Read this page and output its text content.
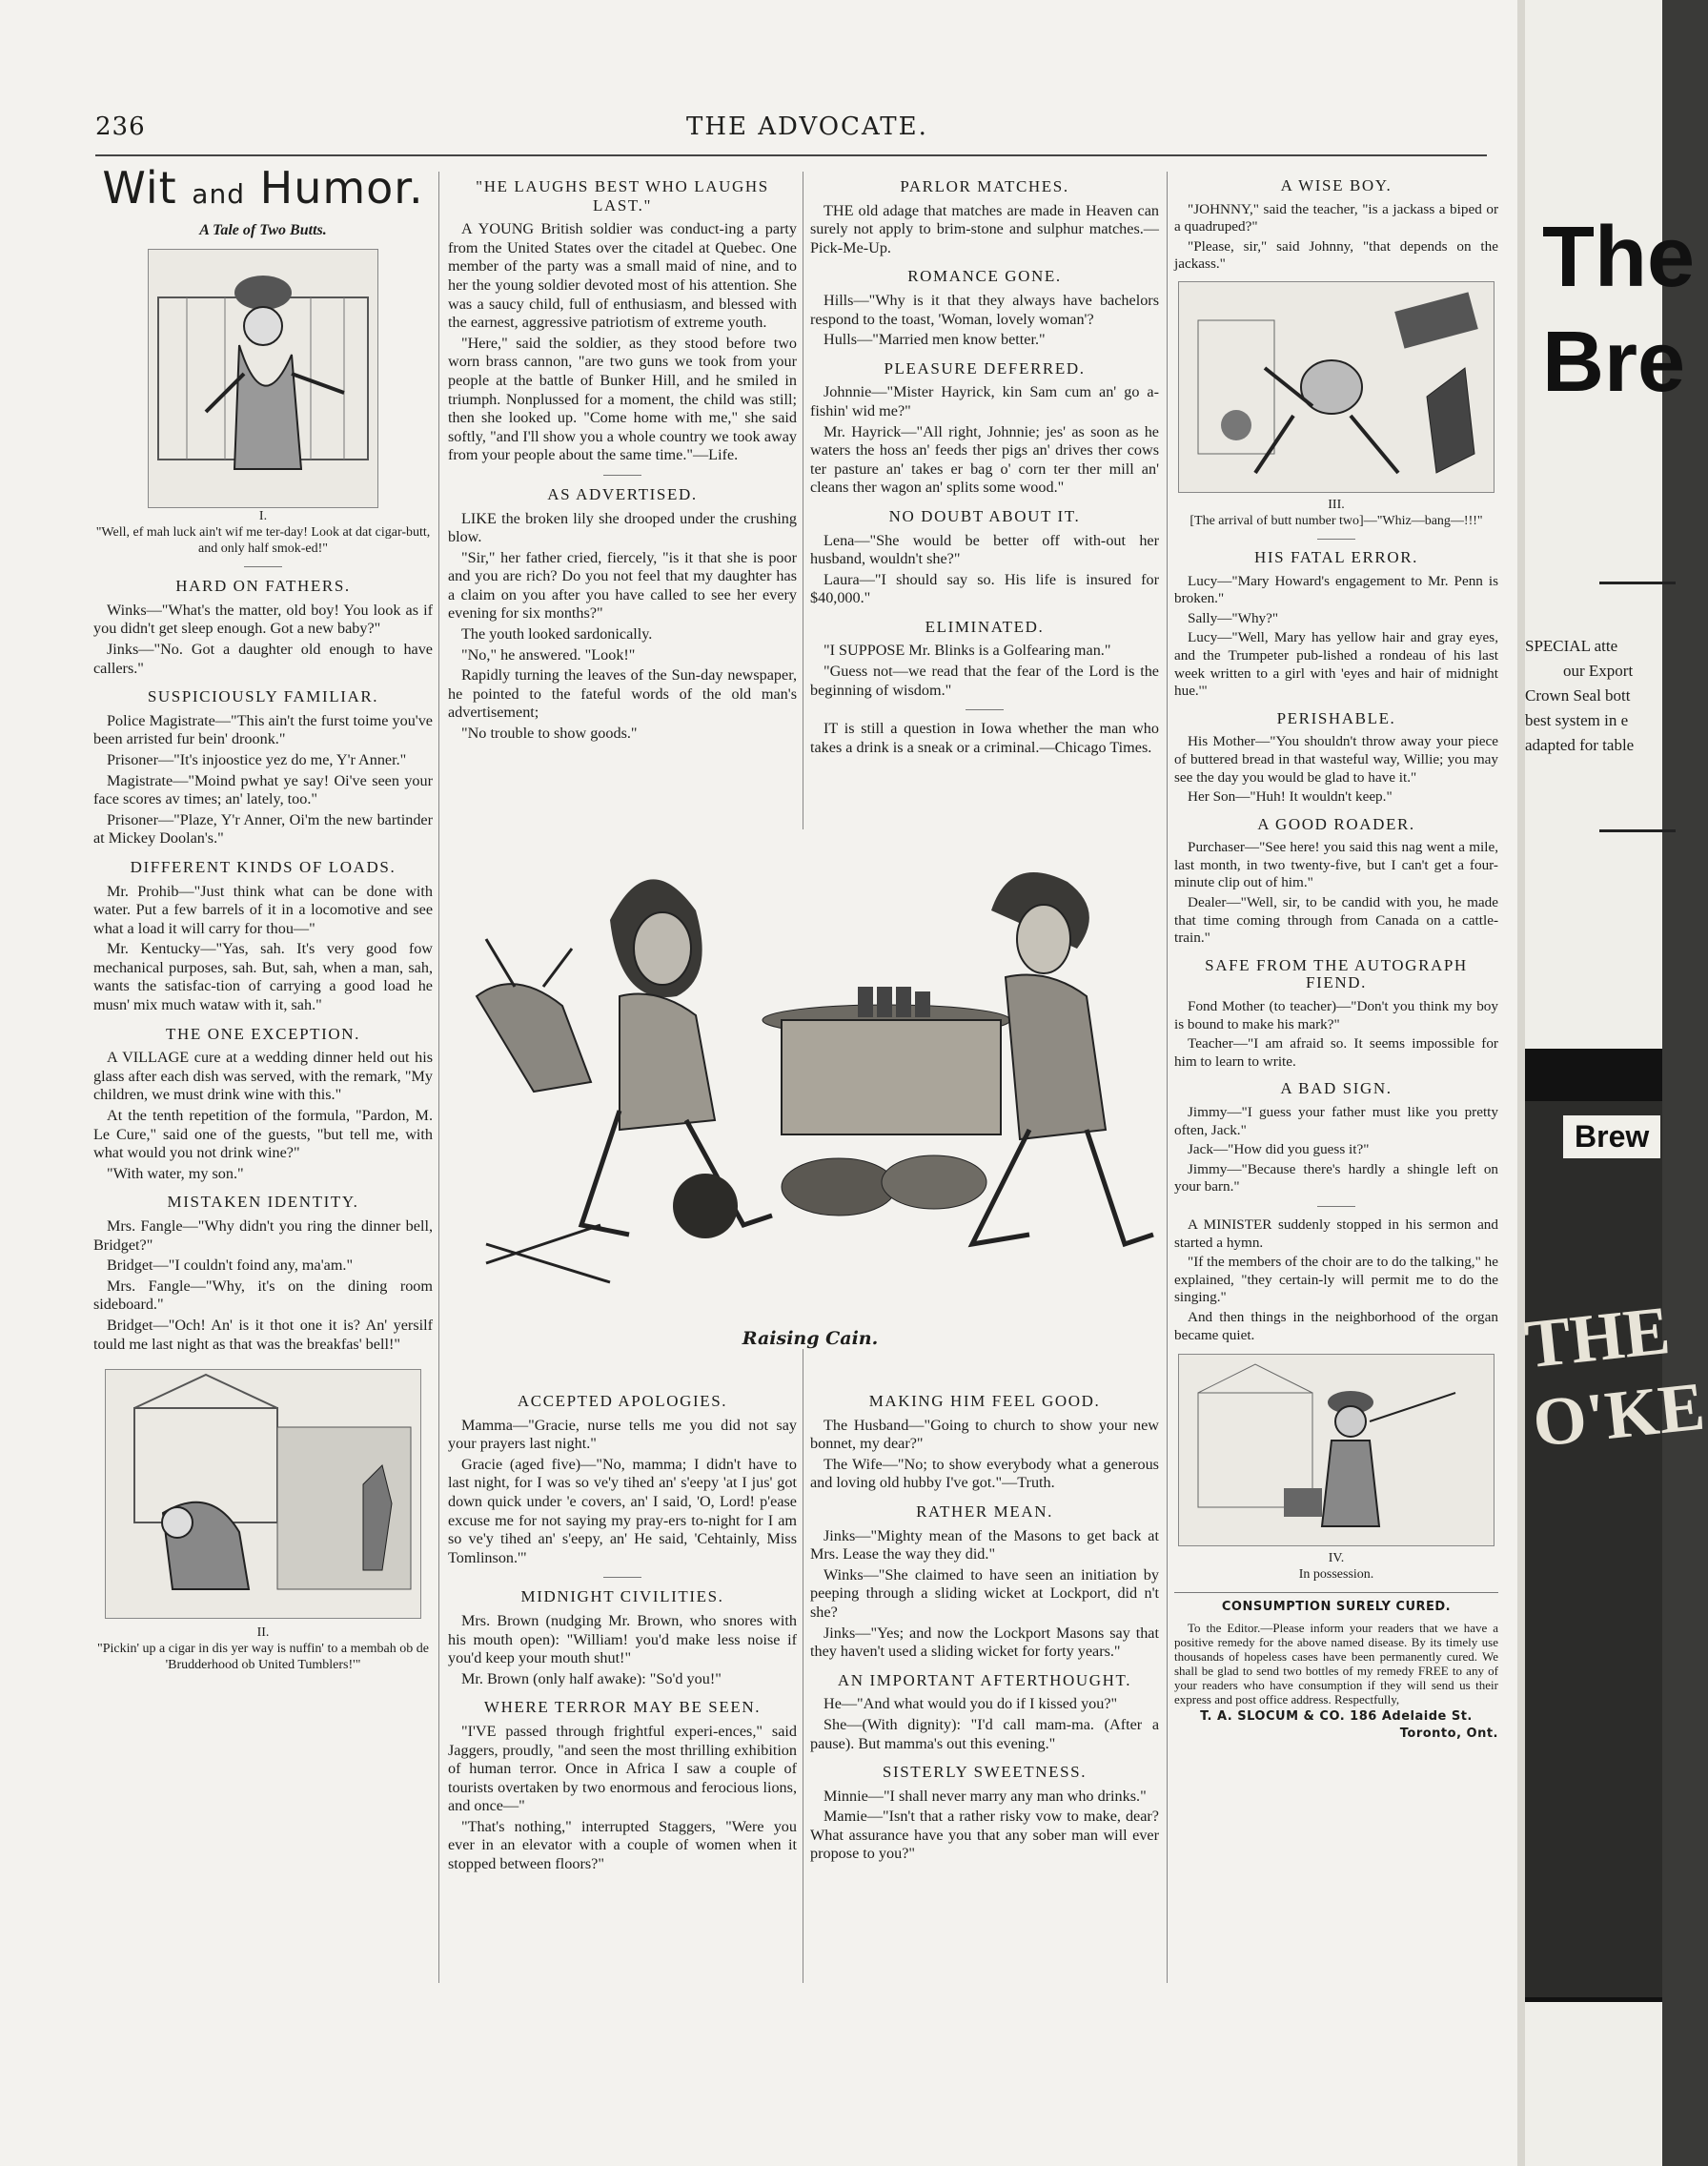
236	THE ADVOCATE.
Wit and Humor.
A Tale of Two Butts.
I.
"Well, ef mah luck ain't wif me ter-day! Look at dat cigar-butt, and only half smok-ed!"
HARD ON FATHERS.

Winks—"What's the matter, old boy! You look as if you didn't get sleep enough. Got a new baby?"

Jinks—"No. Got a daughter old enough to have callers."

SUSPICIOUSLY FAMILIAR.

Police Magistrate—"This ain't the furst toime you've been arristed fur bein' droonk."

Prisoner—"It's injoostice yez do me, Y'r Anner."

Magistrate—"Moind pwhat ye say! Oi've seen your face scores av times; an' lately, too."

Prisoner—"Plaze, Y'r Anner, Oi'm the new bartinder at Mickey Doolan's."

DIFFERENT KINDS OF LOADS.

Mr. Prohib—"Just think what can be done with water. Put a few barrels of it in a locomotive and see what a load it will carry for thou—"

Mr. Kentucky—"Yas, sah. It's very good fow mechanical purposes, sah. But, sah, when a man, sah, wants the satisfac-tion of carrying a good load he musn' mix much wataw with it, sah."

THE ONE EXCEPTION.

A VILLAGE cure at a wedding dinner held out his glass after each dish was served, with the remark, "My children, we must drink wine with this."

At the tenth repetition of the formula, "Pardon, M. Le Cure," said one of the guests, "but tell me, with what would you not drink wine?"

"With water, my son."

MISTAKEN IDENTITY.

Mrs. Fangle—"Why didn't you ring the dinner bell, Bridget?"

Bridget—"I couldn't foind any, ma'am."

Mrs. Fangle—"Why, it's on the dining room sideboard."

Bridget—"Och! An' is it thot one it is? An' yersilf tould me last night as that was the breakfas' bell!"

II.
"Pickin' up a cigar in dis yer way is nuffin' to a membah ob de 'Brudderhood ob United Tumblers!'"
"HE LAUGHS BEST WHO LAUGHS LAST."

A YOUNG British soldier was conduct-ing a party from the United States over the citadel at Quebec. One member of the party was a small maid of nine, and to her the young soldier devoted most of his attention. She was a saucy child, full of enthusiasm, and blessed with the earnest, aggressive patriotism of extreme youth.

"Here," said the soldier, as they stood before two worn brass cannon, "are two guns we took from your people at the battle of Bunker Hill, and he smiled in triumph. Nonplussed for a moment, the child was still; then she looked up. "Come home with me," she said softly, "and I'll show you a whole country we took away from your people about the same time."—Life.

AS ADVERTISED.

LIKE the broken lily she drooped under the crushing blow.

"Sir," her father cried, fiercely, "is it that she is poor and you are rich? Do you not feel that my daughter has a claim on you after you have called to see her every evening for six months?"

The youth looked sardonically.

"No," he answered. "Look!"

Rapidly turning the leaves of the Sun-day newspaper, he pointed to the fateful words of the old man's advertisement;

"No trouble to show goods."

PARLOR MATCHES.

THE old adage that matches are made in Heaven can surely not apply to brim-stone and sulphur matches.—Pick-Me-Up.

ROMANCE GONE.

Hills—"Why is it that they always have bachelors respond to the toast, 'Woman, lovely woman'?

Hulls—"Married men know better."

PLEASURE DEFERRED.

Johnnie—"Mister Hayrick, kin Sam cum an' go a-fishin' wid me?"

Mr. Hayrick—"All right, Johnnie; jes' as soon as he waters the hoss an' feeds ther pigs an' drives ther cows ter pasture an' takes er bag o' corn ter ther mill an' cleans ther wagon an' splits some wood."

NO DOUBT ABOUT IT.

Lena—"She would be better off with-out her husband, wouldn't she?"

Laura—"I should say so. His life is insured for $40,000."

ELIMINATED.

"I SUPPOSE Mr. Blinks is a Golfearing man."

"Guess not—we read that the fear of the Lord is the beginning of wisdom."

IT is still a question in Iowa whether the man who takes a drink is a sneak or a criminal.—Chicago Times.

Raising Cain.
ACCEPTED APOLOGIES.

Mamma—"Gracie, nurse tells me you did not say your prayers last night."

Gracie (aged five)—"No, mamma; I didn't have to last night, for I was so ve'y tihed an' s'eepy 'at I jus' got down quick under 'e covers, an' I said, 'O, Lord! p'ease excuse me for not saying my pray-ers to-night for I am so ve'y tihed an' s'eepy, an' He said, 'Cehtainly, Miss Tomlinson.'"

MIDNIGHT CIVILITIES.

Mrs. Brown (nudging Mr. Brown, who snores with his mouth open): "William! you'd make less noise if you'd keep your mouth shut!"

Mr. Brown (only half awake): "So'd you!"

WHERE TERROR MAY BE SEEN.

"I'VE passed through frightful experi-ences," said Jaggers, proudly, "and seen the most thrilling exhibition of human terror. Once in Africa I saw a couple of tourists overtaken by two enormous and ferocious lions, and once—"

"That's nothing," interrupted Staggers, "Were you ever in an elevator with a couple of women when it stopped between floors?"

MAKING HIM FEEL GOOD.

The Husband—"Going to church to show your new bonnet, my dear?"

The Wife—"No; to show everybody what a generous and loving old hubby I've got."—Truth.

RATHER MEAN.

Jinks—"Mighty mean of the Masons to get back at Mrs. Lease the way they did."

Winks—"She claimed to have seen an initiation by peeping through a sliding wicket at Lockport, did n't she?

Jinks—"Yes; and now the Lockport Masons say that they haven't used a sliding wicket for forty years."

AN IMPORTANT AFTERTHOUGHT.

He—"And what would you do if I kissed you?"

She—(With dignity): "I'd call mam-ma. (After a pause). But mamma's out this evening."

SISTERLY SWEETNESS.

Minnie—"I shall never marry any man who drinks."

Mamie—"Isn't that a rather risky vow to make, dear? What assurance have you that any sober man will ever propose to you?"

A WISE BOY.

"JOHNNY," said the teacher, "is a jackass a biped or a quadruped?"

"Please, sir," said Johnny, "that depends on the jackass."

III.
[The arrival of butt number two]—"Whiz—bang—!!!"
HIS FATAL ERROR.

Lucy—"Mary Howard's engagement to Mr. Penn is broken."

Sally—"Why?"

Lucy—"Well, Mary has yellow hair and gray eyes, and the Trumpeter pub-lished a rondeau of his last week written to a girl with 'eyes and hair of midnight hue.'"

PERISHABLE.

His Mother—"You shouldn't throw away your piece of buttered bread in that wasteful way, Willie; you may see the day you would be glad to have it."

Her Son—"Huh! It wouldn't keep."

A GOOD ROADER.

Purchaser—"See here! you said this nag went a mile, last month, in two twenty-five, but I can't get a four-minute clip out of him."

Dealer—"Well, sir, to be candid with you, he made that time coming through from Canada on a cattle-train."

SAFE FROM THE AUTOGRAPH FIEND.

Fond Mother (to teacher)—"Don't you think my boy is bound to make his mark?"

Teacher—"I am afraid so. It seems impossible for him to learn to write.

A BAD SIGN.

Jimmy—"I guess your father must like you pretty often, Jack."

Jack—"How did you guess it?"

Jimmy—"Because there's hardly a shingle left on your barn."

A MINISTER suddenly stopped in his sermon and started a hymn.

"If the members of the choir are to do the talking," he explained, "they certain-ly will permit me to do the singing."

And then things in the neighborhood of the organ became quiet.

IV.
In possession.
CONSUMPTION SURELY CURED.

To the Editor.—Please inform your readers that we have a positive remedy for the above named disease. By its timely use thousands of hopeless cases have been permanently cured. We shall be glad to send two bottles of my remedy FREE to any of your readers who have consumption if they will send us their express and post office address. Respectfully,

T. A. SLOCUM & CO. 186 Adelaide St.
Toronto, Ont.
The
Bre
SPECIAL atte
our Export
Crown Seal bott
best system in e
adapted for table
Brew
THE O'KE
